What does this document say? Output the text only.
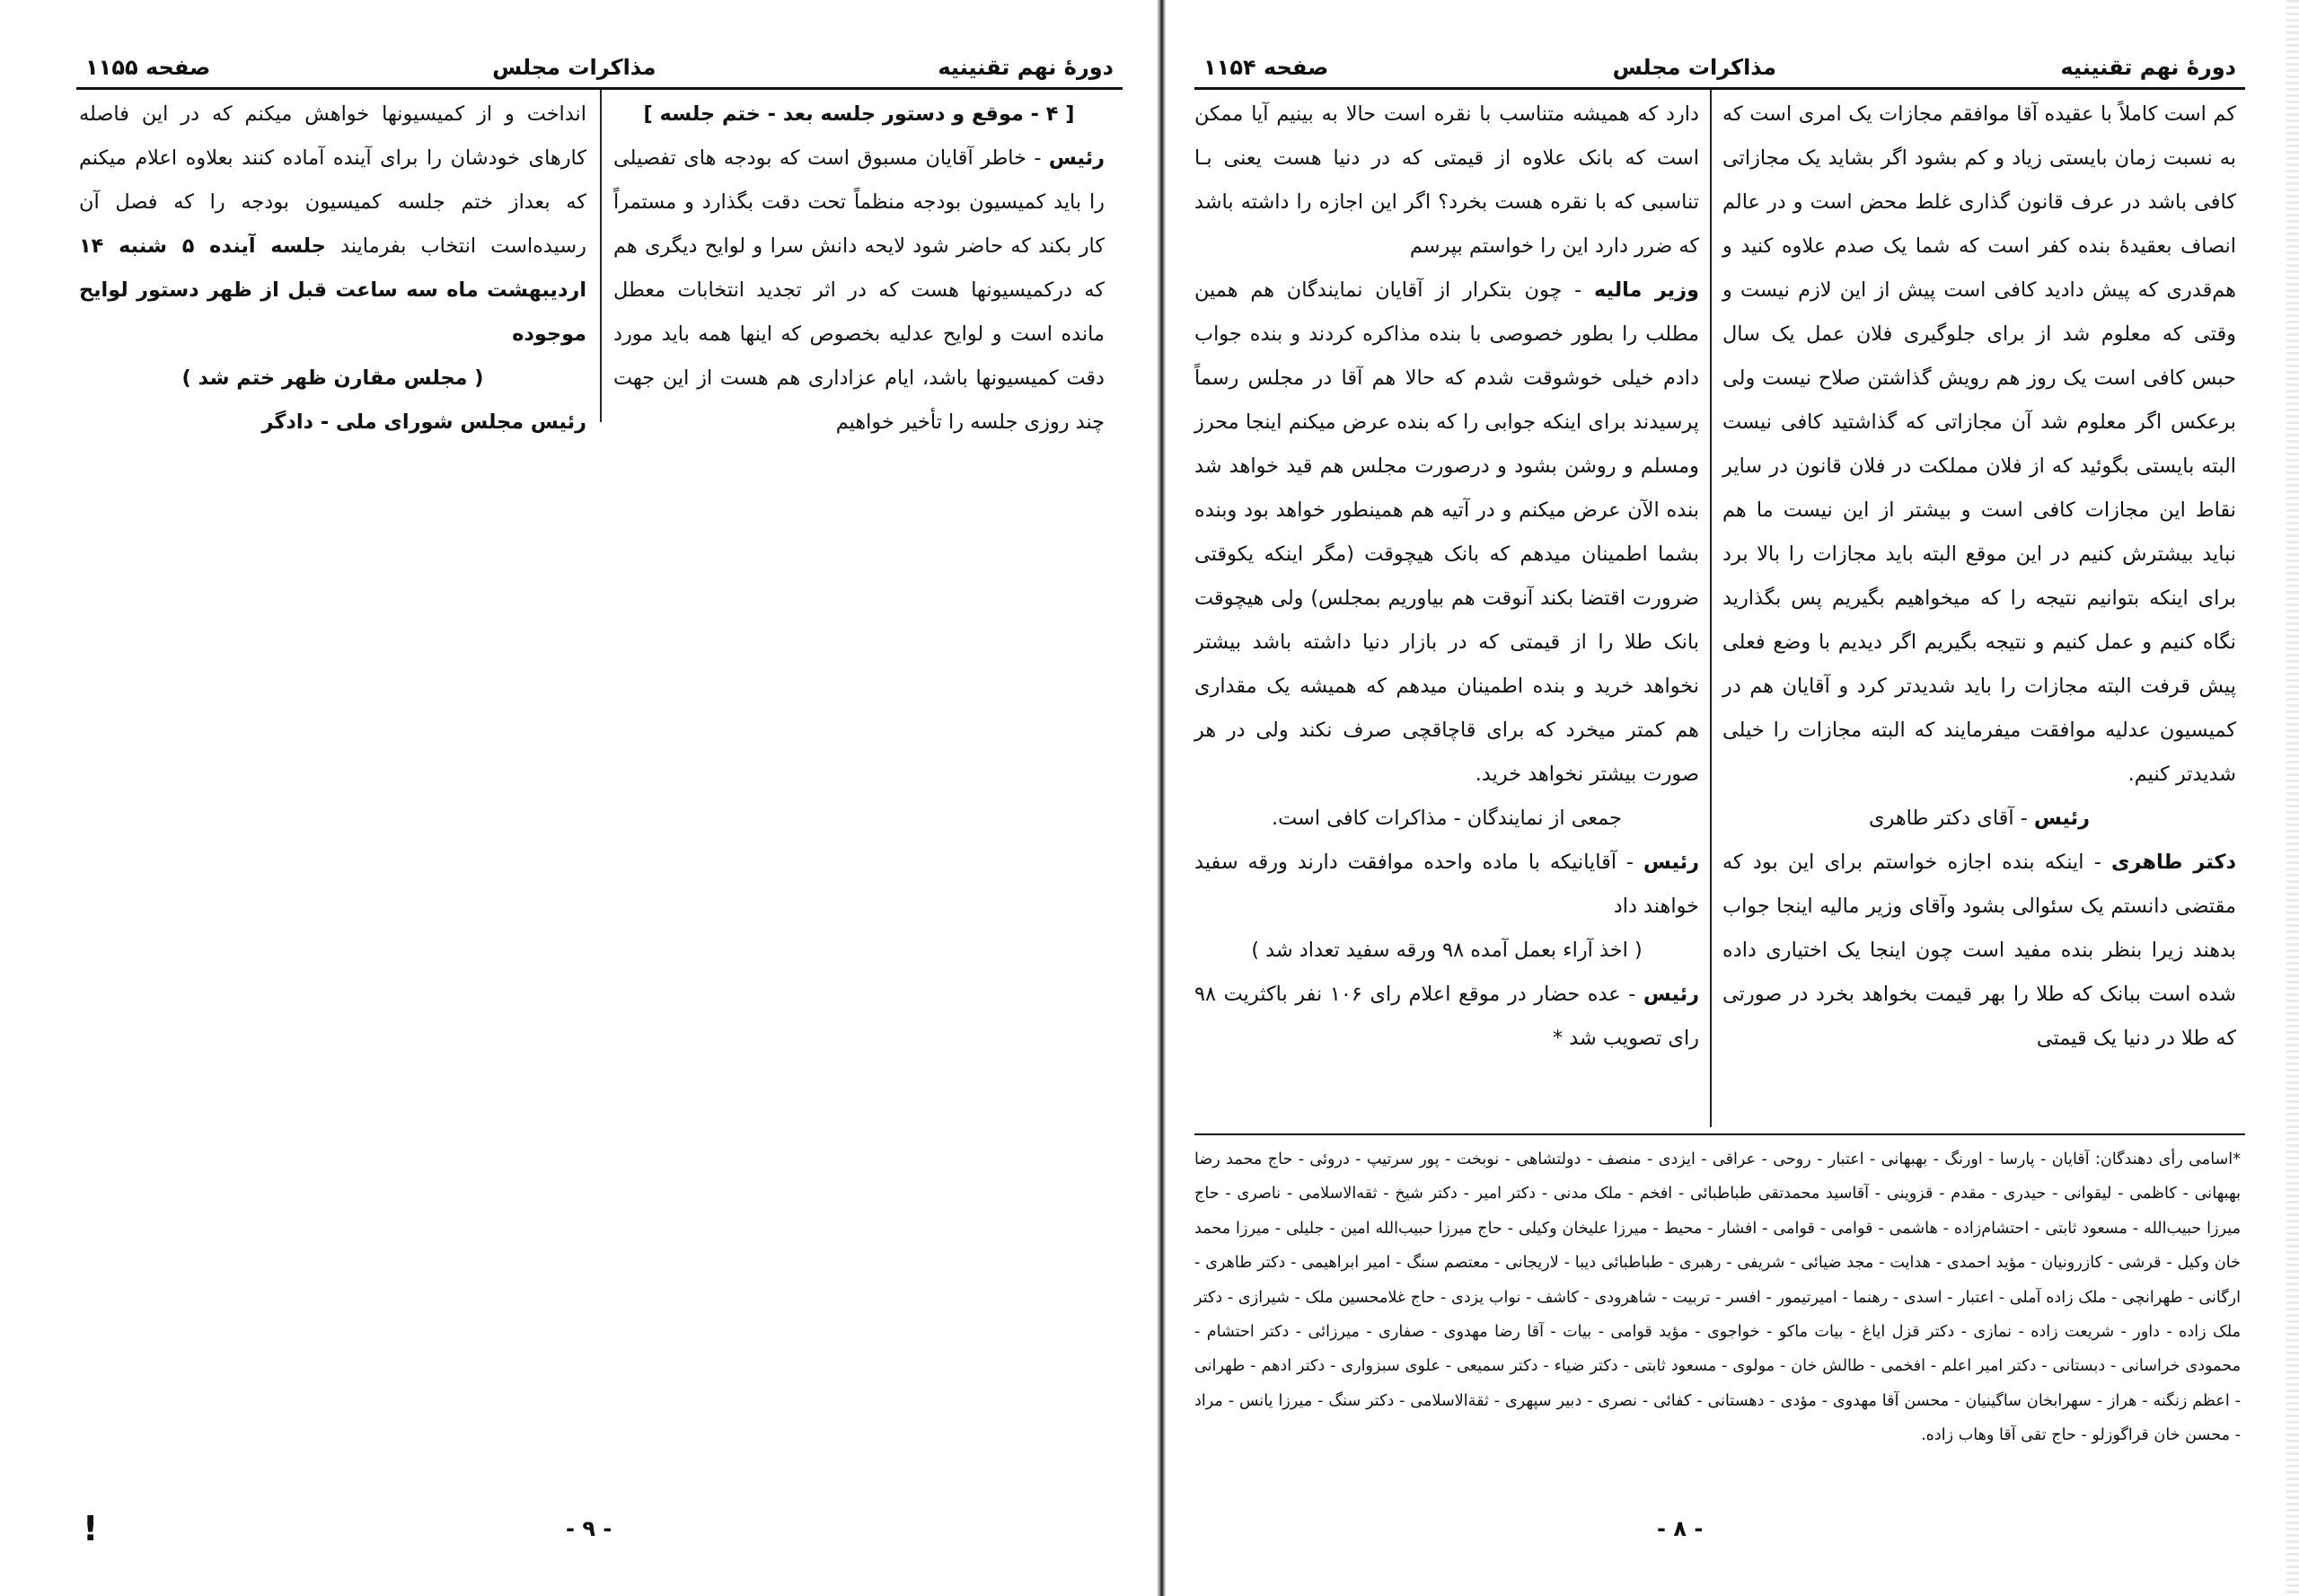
دورهٔ نهم تقنینیه
مذاکرات مجلس
صفحه ۱۱۵۵

[ ۴ - موقع و دستور جلسه بعد - ختم جلسه ]

رئیس - خاطر آقایان مسبوق است که بودجه های تفصیلی را باید کمیسیون بودجه منظماً تحت دقت بگذارد و مستمراً کار بکند که حاضر شود لایحه دانش سرا و لوایح دیگری هم که درکمیسیونها هست که در اثر تجدید انتخابات معطل مانده است و لوایح عدلیه بخصوص که اینها همه باید مورد دقت کمیسیونها باشد، ایام عزاداری هم هست از این جهت چند روزی جلسه را تأخیر خواهیم

انداخت و از کمیسیونها خواهش میکنم که در این فاصله کارهای خودشان را برای آینده آماده کنند بعلاوه اعلام میکنم که بعداز ختم جلسه کمیسیون بودجه را که فصل آن رسیده‌است انتخاب بفرمایند جلسه آینده ۵ شنبه ۱۴ اردیبهشت ماه سه ساعت قبل از ظهر دستور لوایح موجوده

( مجلس مقارن ظهر ختم شد )

رئیس مجلس شورای ملی - دادگر

!	- ۹ -
دورهٔ نهم تقنینیه
مذاکرات مجلس
صفحه ۱۱۵۴

کم است کاملاً با عقیده آقا موافقم مجازات یک امری است که به نسبت زمان بایستی زیاد و کم بشود اگر بشاید یک مجازاتی کافی باشد در عرف قانون گذاری غلط محض است و در عالم انصاف بعقیدهٔ بنده کفر است که شما یک صدم علاوه کنید و هم‌قدری که پیش دادید کافی است پیش از این لازم نیست و وقتی که معلوم شد از برای جلوگیری فلان عمل یک سال حبس کافی است یک روز هم رویش گذاشتن صلاح نیست ولی برعکس اگر معلوم شد آن مجازاتی که گذاشتید کافی نیست البته بایستی بگوئید که از فلان مملکت در فلان قانون در سایر نقاط این مجازات کافی است و بیشتر از این نیست ما هم نباید بیشترش کنیم در این موقع البته باید مجازات را بالا برد برای اینکه بتوانیم نتیجه را که میخواهیم بگیریم پس بگذارید نگاه کنیم و عمل کنیم و نتیجه بگیریم اگر دیدیم با وضع فعلی پیش قرفت البته مجازات را باید شدیدتر کرد و آقایان هم در کمیسیون عدلیه موافقت میفرمایند که البته مجازات را خیلی شدیدتر کنیم.

رئیس - آقای دکتر طاهری

دکتر طاهری - اینکه بنده اجازه خواستم برای این بود که مقتضی دانستم یک سئوالی بشود وآقای وزیر مالیه اینجا جواب بدهند زیرا بنظر بنده مفید است چون اینجا یک اختیاری داده شده است ببانک که طلا را بهر قیمت بخواهد بخرد در صورتی که طلا در دنیا یک قیمتی

دارد که همیشه متناسب با نقره است حالا به بینیم آیا ممکن است که بانک علاوه از قیمتی که در دنیا هست یعنی بـا تناسبی که با نقره هست بخرد؟ اگر این اجازه را داشته باشد که ضرر دارد این را خواستم بپرسم

وزیر مالیه - چون بتکرار از آقایان نمایندگان هم همین مطلب را بطور خصوصی با بنده مذاکره کردند و بنده جواب دادم خیلی خوشوقت شدم که حالا هم آقا در مجلس رسماً پرسیدند برای اینکه جوابی را که بنده عرض میکنم اینجا محرز ومسلم و روشن بشود و درصورت مجلس هم قید خواهد شد بنده الآن عرض میکنم و در آتیه هم همینطور خواهد بود وبنده بشما اطمینان میدهم که بانک هیچوقت (مگر اینکه یکوقتی ضرورت اقتضا بکند آنوقت هم بیاوریم بمجلس) ولی هیچوقت بانک طلا را از قیمتی که در بازار دنیا داشته باشد بیشتر نخواهد خرید و بنده اطمینان میدهم که همیشه یک مقداری هم کمتر میخرد که برای قاچاقچی صرف نکند ولی در هر صورت بیشتر نخواهد خرید.

جمعی از نمایندگان - مذاکرات کافی است.

رئیس - آقایانیکه با ماده واحده موافقت دارند ورقه سفید خواهند داد

( اخذ آراء بعمل آمده ۹۸ ورقه سفید تعداد شد )

رئیس - عده حضار در موقع اعلام رای ۱۰۶ نفر باکثریت ۹۸ رای تصویب شد *

*اسامی رأی دهندگان: آقایان - پارسا - اورنگ - بهبهانی - اعتبار - روحی - عراقی - ایزدی - منصف - دولتشاهی - نوبخت - پور سرتیپ - دروئی - حاج محمد رضا بهبهانی - کاظمی - لیقوانی - حیدری - مقدم - قزوینی - آقاسید محمدتقی طباطبائی - افخم - ملک مدنی - دکتر امیر - دکتر شیخ - ثقه‌الاسلامی - ناصری - حاج میرزا حبیب‌الله - مسعود ثابتی - احتشام‌زاده - هاشمی - قوامی - قوامی - افشار - محیط - میرزا علیخان وکیلی - حاج میرزا حبیب‌الله امین - جلیلی - میرزا محمد خان وکیل - قرشی - کازرونیان - مؤید احمدی - هدایت - مجد ضیائی - شریفی - رهبری - طباطبائی دیبا - لاریجانی - معتصم سنگ - امیر ابراهیمی - دکتر طاهری - ارگانی - طهرانچی - ملک زاده آملی - اعتبار - اسدی - رهنما - امیرتیمور - افسر - تربیت - شاهرودی - کاشف - نواب یزدی - حاج غلامحسین ملک - شیرازی - دکتر ملک زاده - داور - شریعت زاده - نمازی - دکتر قزل ایاغ - بیات ماکو - خواجوی - مؤید قوامی - بیات - آقا رضا مهدوی - صفاری - میرزائی - دکتر احتشام - محمودی خراسانی - دبستانی - دکتر امیر اعلم - افخمی - طالش خان - مولوی - مسعود ثابتی - دکتر ضیاء - دکتر سمیعی - علوی سبزواری - دکتر ادهم - طهرانی - اعظم زنگنه - هراز - سهرابخان ساگینیان - محسن آقا مهدوی - مؤدی - دهستانی - کفائی - نصری - دبیر سپهری - ثقةالاسلامی - دکتر سنگ - میرزا یانس - مراد - محسن خان قراگوزلو - حاج تقی آقا وهاب زاده.
- ۸ -
